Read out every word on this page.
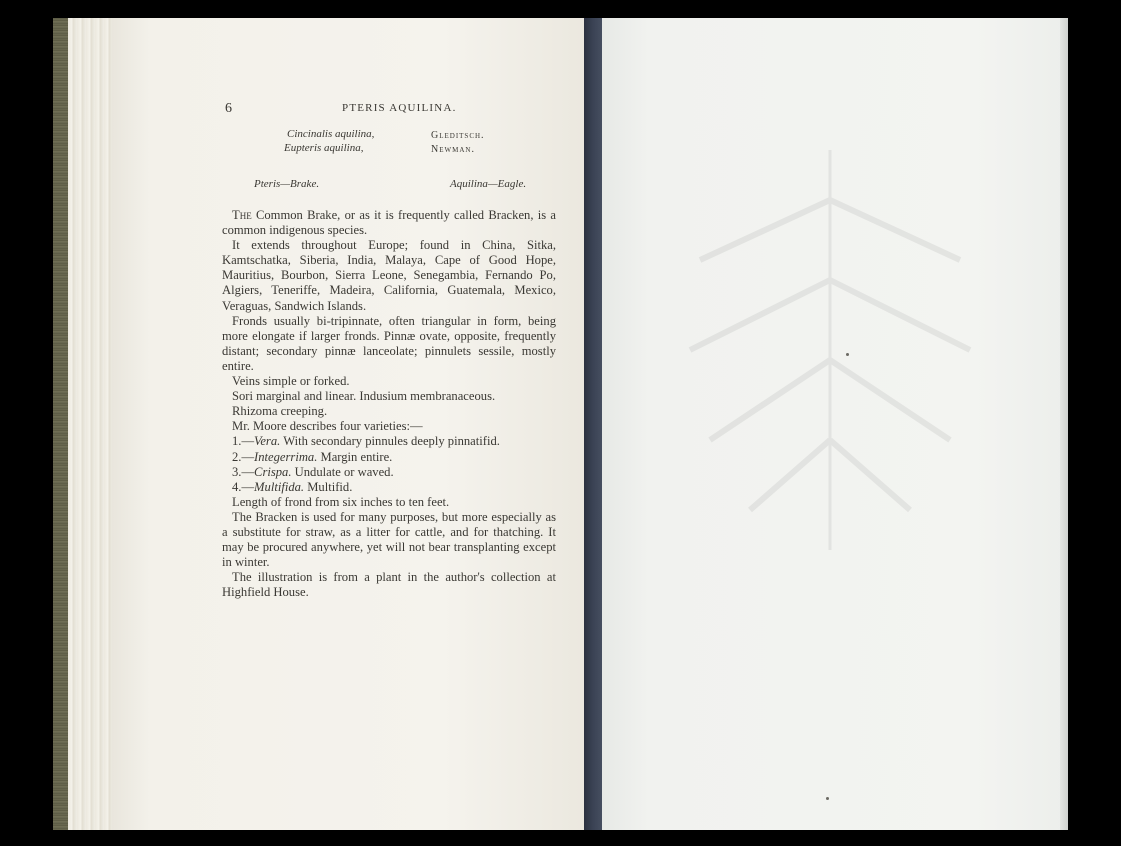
6	PTERIS AQUILINA.
Cincinalis aquilina,
Eupteris aquilina,
Gleditsch.
Newman.
Pteris—Brake.	Aquilina—Eagle.

The Common Brake, or as it is frequently called Bracken, is a common indigenous species.

It extends throughout Europe; found in China, Sitka, Kamtschatka, Siberia, India, Malaya, Cape of Good Hope, Mauritius, Bourbon, Sierra Leone, Senegambia, Fernando Po, Algiers, Teneriffe, Madeira, California, Guatemala, Mexico, Veraguas, Sandwich Islands.

Fronds usually bi-tripinnate, often triangular in form, being more elongate if larger fronds. Pinnæ ovate, opposite, frequently distant; secondary pinnæ lanceolate; pinnulets sessile, mostly entire.

Veins simple or forked.

Sori marginal and linear. Indusium membranaceous.

Rhizoma creeping.

Mr. Moore describes four varieties:—

1.—Vera. With secondary pinnules deeply pinnatifid.

2.—Integerrima. Margin entire.

3.—Crispa. Undulate or waved.

4.—Multifida. Multifid.

Length of frond from six inches to ten feet.

The Bracken is used for many purposes, but more especially as a substitute for straw, as a litter for cattle, and for thatching. It may be procured anywhere, yet will not bear transplanting except in winter.

The illustration is from a plant in the author's collection at Highfield House.
